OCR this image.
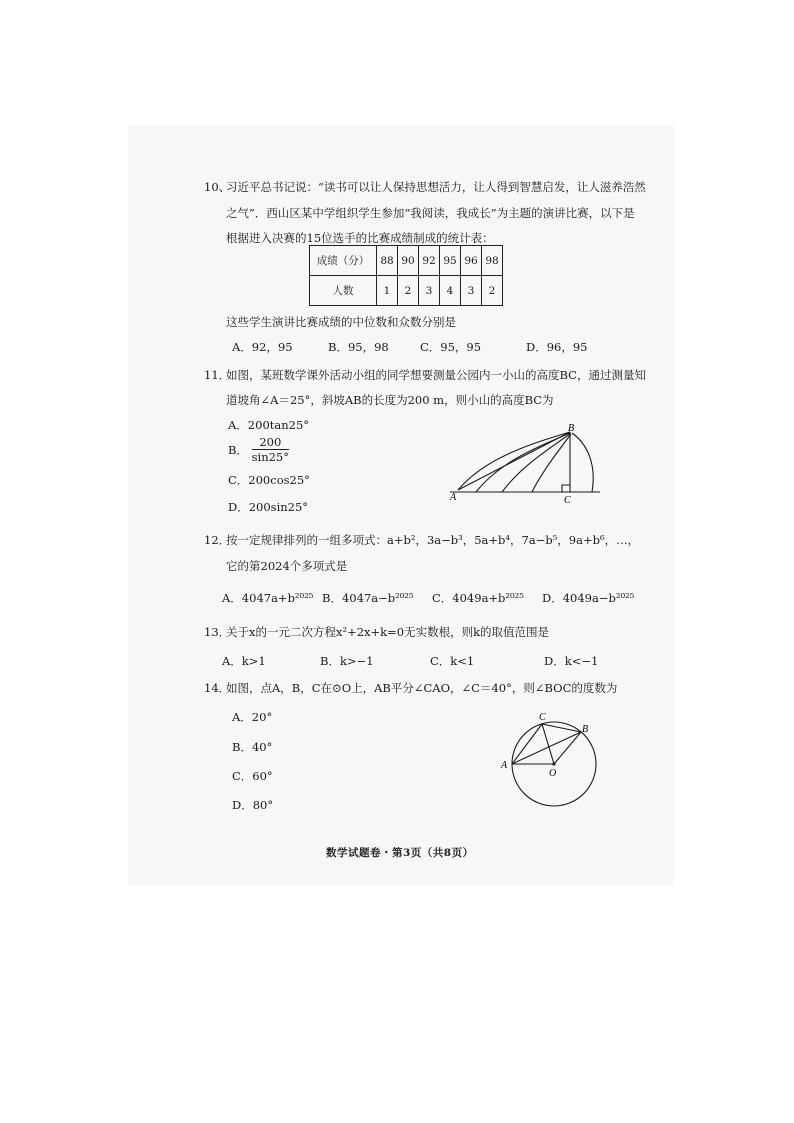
10、
习近平总书记说：“读书可以让人保持思想活力，让人得到智慧启发，让人滋养浩然
之气”．西山区某中学组织学生参加“我阅读，我成长”为主题的演讲比赛，以下是
根据进入决赛的15位选手的比赛成绩制成的统计表：
成绩（分）	88	90	92	95	96	98
人数	1	2	3	4	3	2
这些学生演讲比赛成绩的中位数和众数分别是
A．92，95	B．95，98	C．95，95	D．96，95
11．
如图，某班数学课外活动小组的同学想要测量公园内一小山的高度BC，通过测量知
道坡角∠A＝25°，斜坡AB的长度为200 m，则小山的高度BC为
A．200tan25°
B． $\frac{200}{\sin 25^\circ}$
C．200cos25°
D．200sin25°
A
B
C
12．
按一定规律排列的一组多项式：a+b²，3a−b³，5a+b⁴，7a−b⁵，9a+b⁶，…，
它的第2024个多项式是
A．4047a+b²⁰²⁵ B．4047a−b²⁰²⁵ C．4049a+b²⁰²⁵ D．4049a−b²⁰²⁵
13．
关于x的一元二次方程x²+2x+k=0无实数根，则k的取值范围是
A．k>1	B．k>−1	C．k<1	D．k<−1
14．
如图，点A，B，C在⊙O上，AB平分∠CAO，∠C＝40°，则∠BOC的度数为
A．20°
B．40°
C．60°
D．80°
A
C
B
O
数学试题卷・第3页（共8页）
